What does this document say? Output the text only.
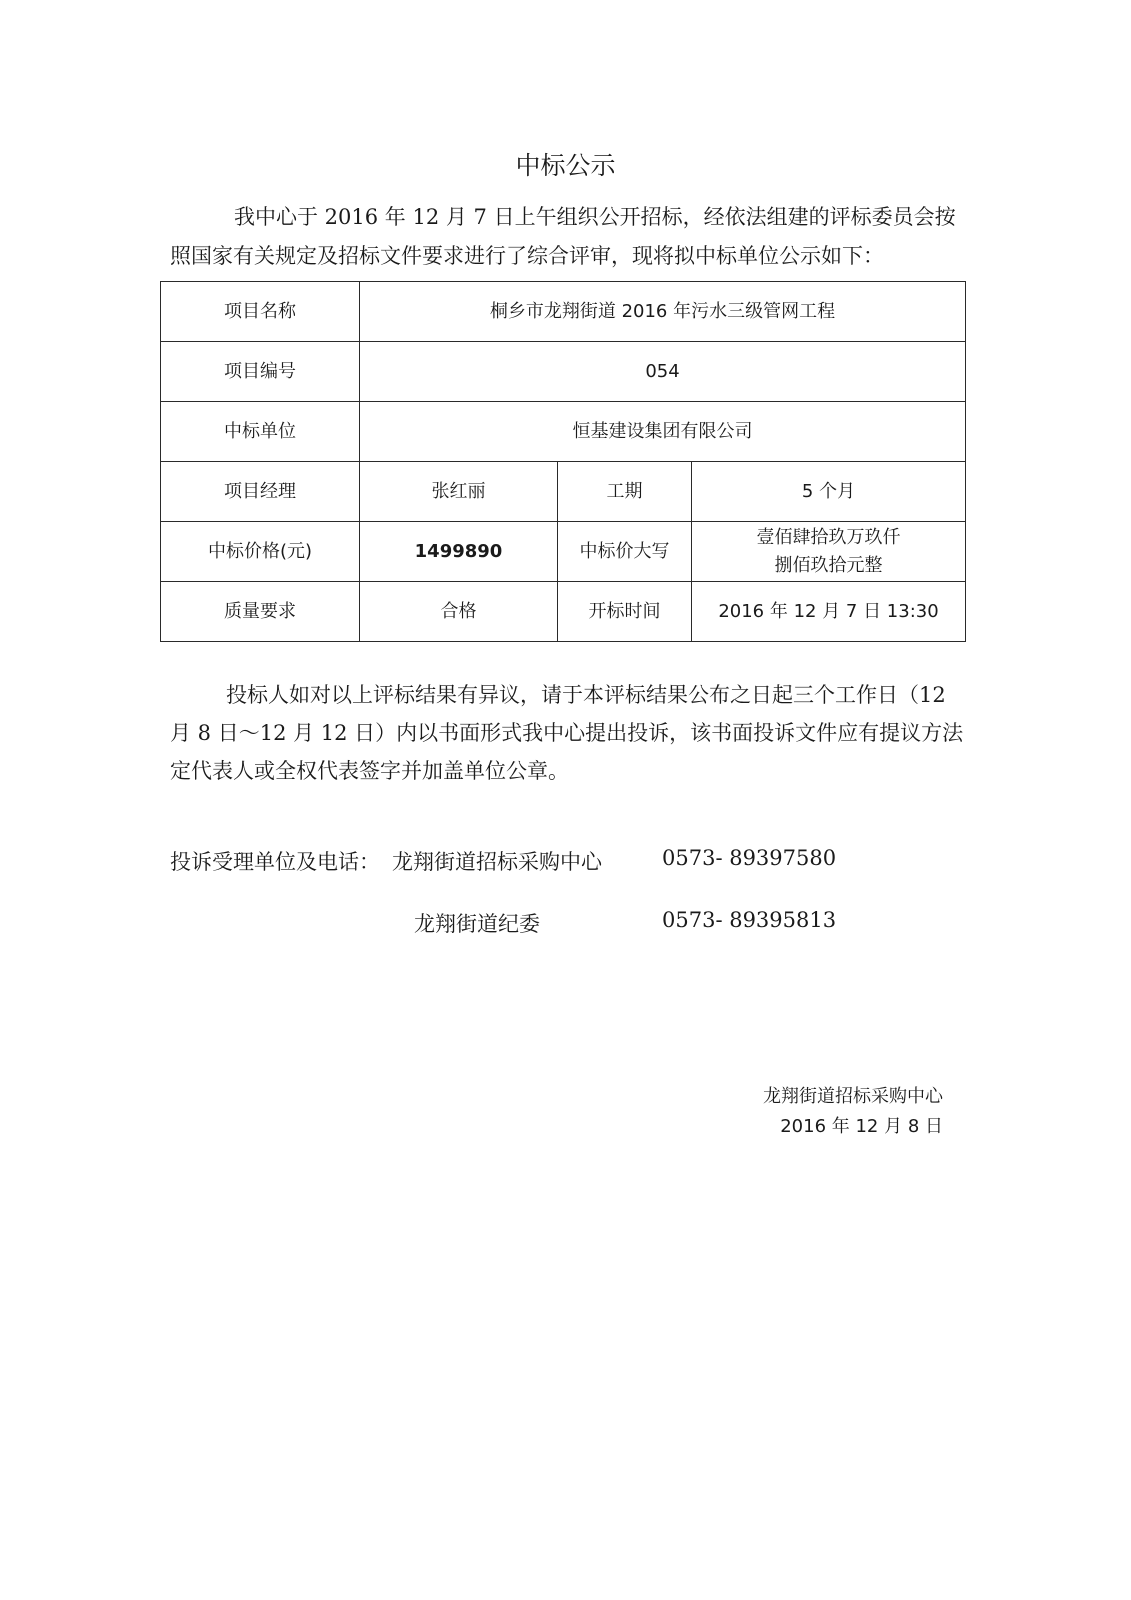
中标公示

我中心于 2016 年 12 月 7 日上午组织公开招标，经依法组建的评标委员会按照国家有关规定及招标文件要求进行了综合评审，现将拟中标单位公示如下：

项目名称	桐乡市龙翔街道 2016 年污水三级管网工程		
项目编号	054		
中标单位	恒基建设集团有限公司		
项目经理	张红丽	工期	5 个月
中标价格(元)	1499890	中标价大写	壹佰肆拾玖万玖仟捌佰玖拾元整
质量要求	合格	开标时间	2016 年 12 月 7 日 13:30

投标人如对以上评标结果有异议，请于本评标结果公布之日起三个工作日（12 月 8 日～12 月 12 日）内以书面形式我中心提出投诉，该书面投诉文件应有提议方法定代表人或全权代表签字并加盖单位公章。

投诉受理单位及电话： 龙翔街道招标采购中心	0573- 89397580
龙翔街道纪委	0573- 89395813
龙翔街道招标采购中心
2016 年 12 月 8 日
